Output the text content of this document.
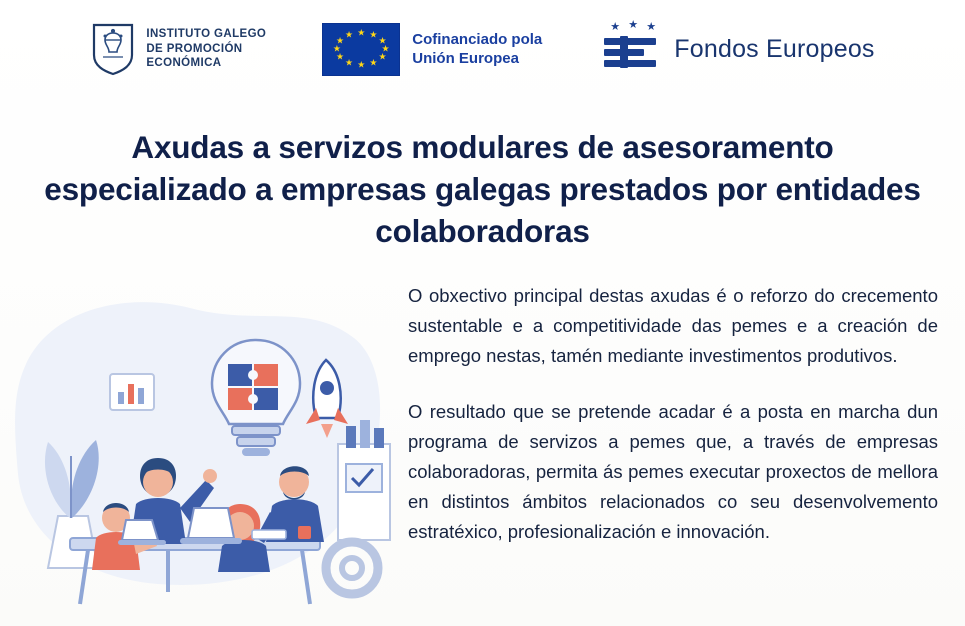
INSTITUTO GALEGO
DE PROMOCIÓN
ECONÓMICA
★ ★
★
★
★
★
★
★
★
★
★
★	Cofinanciado pola
Unión Europea
★ ★ ★
Fondos Europeos
Axudas a servizos modulares de asesoramento especializado a empresas galegas prestados por entidades colaboradoras

O obxectivo principal destas axudas é o reforzo do crecemento sustentable e a competitividade das pemes e a creación de emprego nestas, tamén mediante investimentos produtivos.

O resultado que se pretende acadar é a posta en marcha dun programa de servizos a pemes que, a través de empresas colaboradoras, permita ás pemes executar proxectos de mellora en distintos ámbitos relacionados co seu desenvolvemento estratéxico, profesionalización e innovación.
